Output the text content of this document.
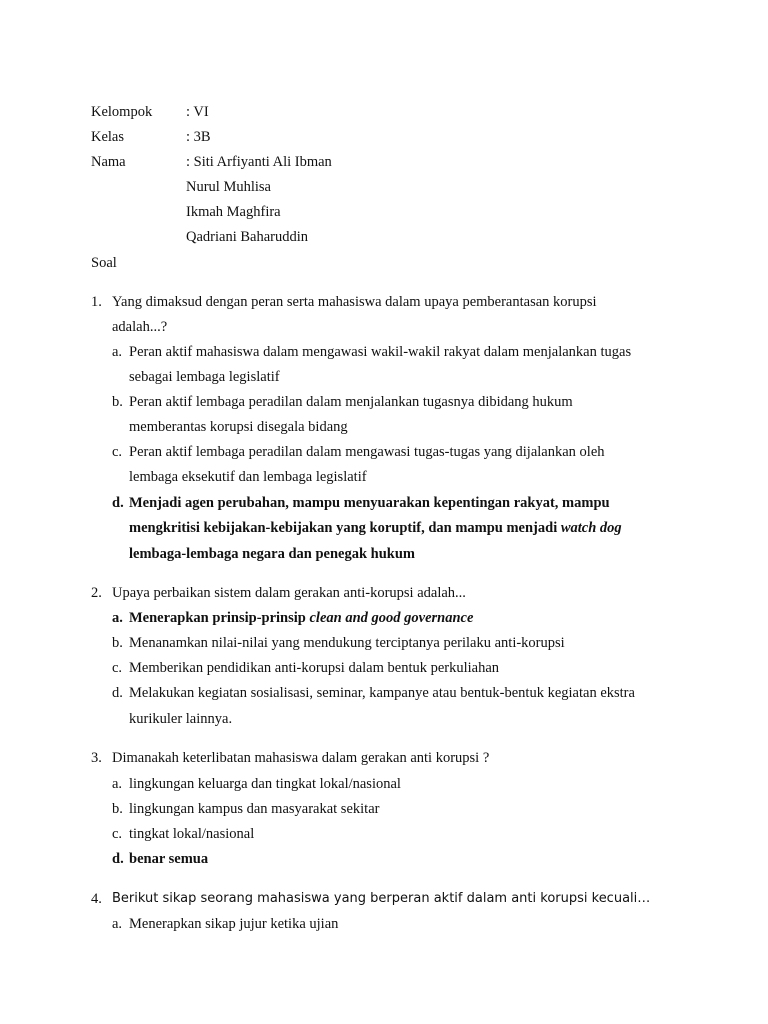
Kelompok : VI
Kelas	: 3B
Nama	: Siti Arfiyanti Ali Ibman
Nurul Muhlisa
Ikmah Maghfira
Qadriani Baharuddin
Soal
1. Yang dimaksud dengan peran serta mahasiswa dalam upaya pemberantasan korupsi
adalah...?
a. Peran aktif mahasiswa dalam mengawasi wakil-wakil rakyat dalam menjalankan tugas
sebagai lembaga legislatif
b. Peran aktif lembaga peradilan dalam menjalankan tugasnya dibidang hukum
memberantas korupsi disegala bidang
c. Peran aktif lembaga peradilan dalam mengawasi tugas-tugas yang dijalankan oleh
lembaga eksekutif dan lembaga legislatif
d. Menjadi agen perubahan, mampu menyuarakan kepentingan rakyat, mampu
mengkritisi kebijakan-kebijakan yang koruptif, dan mampu menjadi watch dog
lembaga-lembaga negara dan penegak hukum
2. Upaya perbaikan sistem dalam gerakan anti-korupsi adalah...
a. Menerapkan prinsip-prinsip clean and good governance
b. Menanamkan nilai-nilai yang mendukung terciptanya perilaku anti-korupsi
c. Memberikan pendidikan anti-korupsi dalam bentuk perkuliahan
d. Melakukan kegiatan sosialisasi, seminar, kampanye atau bentuk-bentuk kegiatan ekstra
kurikuler lainnya.
3. Dimanakah keterlibatan mahasiswa dalam gerakan anti korupsi ?
a. lingkungan keluarga dan tingkat lokal/nasional
b. lingkungan kampus dan masyarakat sekitar
c. tingkat lokal/nasional
d. benar semua
4. Berikut sikap seorang mahasiswa yang berperan aktif dalam anti korupsi kecuali…
a. Menerapkan sikap jujur ketika ujian
